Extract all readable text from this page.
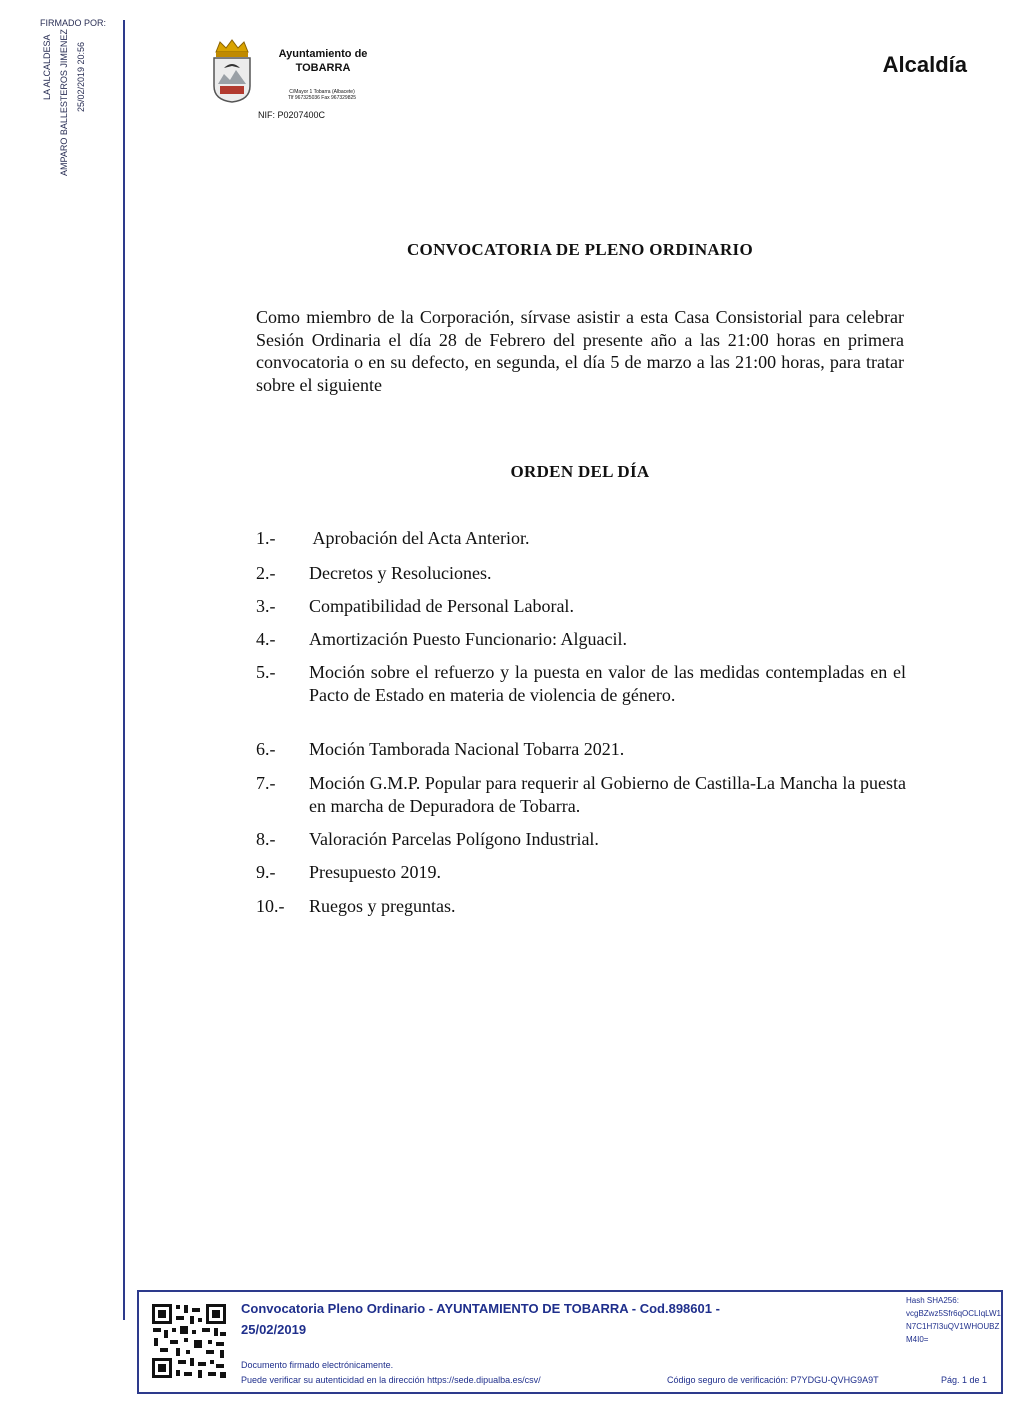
FIRMADO POR:
LA ALCALDESA AMPARO BALLESTEROS JIMENEZ 25/02/2019 20:56	Ayuntamiento de
TOBARRA
C/Mayor 1 Tobarra (Albacete)
Tlf 967325036 Fax 967329825
NIF: P0207400C
Alcaldía
CONVOCATORIA DE PLENO ORDINARIO
Como miembro de la Corporación, sírvase asistir a esta Casa Consistorial para celebrar Sesión Ordinaria el día 28 de Febrero del presente año a las 21:00 horas en primera convocatoria o en su defecto, en segunda, el día 5 de marzo a las 21:00 horas, para tratar sobre el siguiente
ORDEN DEL DÍA
1.-	Aprobación del Acta Anterior.
2.-	Decretos y Resoluciones.
3.-	Compatibilidad de Personal Laboral.
4.-	Amortización Puesto Funcionario: Alguacil.
5.-	Moción sobre el refuerzo y la puesta en valor de las medidas contempladas en el Pacto de Estado en materia de violencia de género.
6.-	Moción Tamborada Nacional Tobarra 2021.
7.-	Moción G.M.P. Popular para requerir al Gobierno de Castilla-La Mancha la puesta en marcha de Depuradora de Tobarra.
8.-	Valoración Parcelas Polígono Industrial.
9.-	Presupuesto 2019.
10.-	Ruegos y preguntas.
Convocatoria Pleno Ordinario - AYUNTAMIENTO DE TOBARRA - Cod.898601 -
25/02/2019
Hash SHA256:
vcgBZwz5Sfr6qOCLIqLW1N7C1H7I3uQV1WHOUBZM4I0=
Documento firmado electrónicamente.
Puede verificar su autenticidad en la dirección https://sede.dipualba.es/csv/	Código seguro de verificación: P7YDGU-QVHG9A9T	Pág. 1 de 1
